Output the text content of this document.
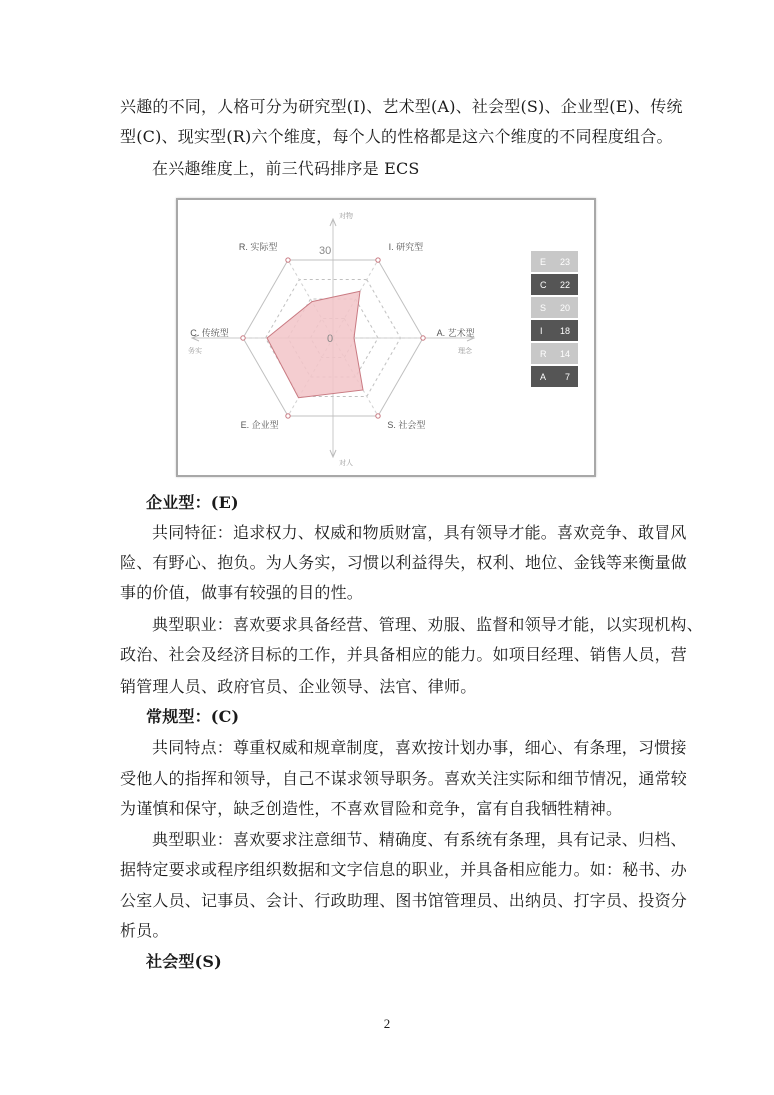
兴趣的不同，人格可分为研究型(I)、艺术型(A)、社会型(S)、企业型(E)、传统
型(C)、现实型(R)六个维度，每个人的性格都是这六个维度的不同程度组合。
在兴趣维度上，前三代码排序是 ECS
I. 研究型
A. 艺术型
S. 社会型
E. 企业型
C. 传统型
R. 实际型	30
0
对物
对人
务实	理念
E 23
C 22
S 20
I 18
R 14
A 7
企业型：(E)
共同特征：追求权力、权威和物质财富，具有领导才能。喜欢竞争、敢冒风
险、有野心、抱负。为人务实，习惯以利益得失，权利、地位、金钱等来衡量做
事的价值，做事有较强的目的性。
典型职业：喜欢要求具备经营、管理、劝服、监督和领导才能，以实现机构、
政治、社会及经济目标的工作，并具备相应的能力。如项目经理、销售人员，营
销管理人员、政府官员、企业领导、法官、律师。
常规型：(C)
共同特点：尊重权威和规章制度，喜欢按计划办事，细心、有条理，习惯接
受他人的指挥和领导，自己不谋求领导职务。喜欢关注实际和细节情况，通常较
为谨慎和保守，缺乏创造性，不喜欢冒险和竞争，富有自我牺牲精神。
典型职业：喜欢要求注意细节、精确度、有系统有条理，具有记录、归档、
据特定要求或程序组织数据和文字信息的职业，并具备相应能力。如：秘书、办
公室人员、记事员、会计、行政助理、图书馆管理员、出纳员、打字员、投资分
析员。
社会型(S)
2
